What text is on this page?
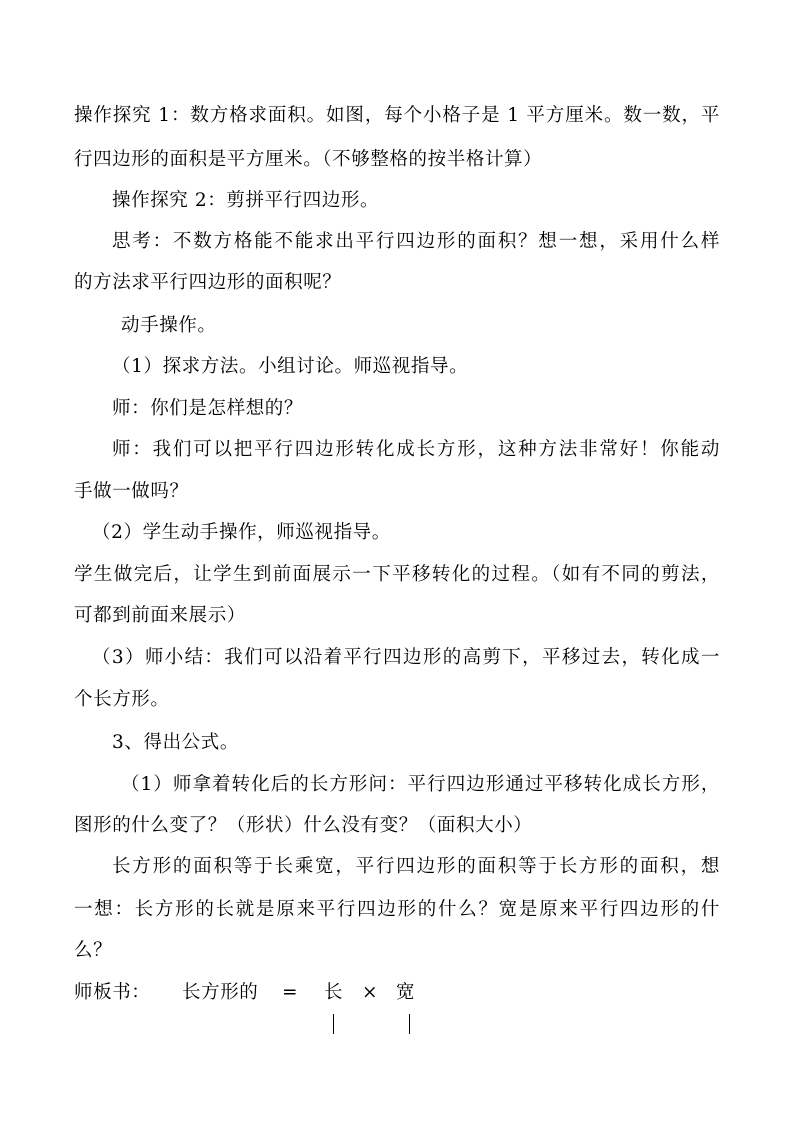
操作探究 1：数方格求面积。如图，每个小格子是 1 平方厘米。数一数，平
行四边形的面积是平方厘米。（不够整格的按半格计算）
操作探究 2：剪拼平行四边形。
思考：不数方格能不能求出平行四边形的面积？想一想，采用什么样
的方法求平行四边形的面积呢？
动手操作。
（1）探求方法。小组讨论。师巡视指导。
师：你们是怎样想的？
师：我们可以把平行四边形转化成长方形，这种方法非常好！你能动
手做一做吗？
（2）学生动手操作，师巡视指导。
学生做完后，让学生到前面展示一下平移转化的过程。（如有不同的剪法，
可都到前面来展示）
（3）师小结：我们可以沿着平行四边形的高剪下，平移过去，转化成一
个长方形。
3、得出公式。
（1）师拿着转化后的长方形问：平行四边形通过平移转化成长方形，
图形的什么变了？（形状）什么没有变？（面积大小）
长方形的面积等于长乘宽，平行四边形的面积等于长方形的面积，想
一想：长方形的长就是原来平行四边形的什么？宽是原来平行四边形的什
么？
师板书： 长方形的 = 长 × 宽
